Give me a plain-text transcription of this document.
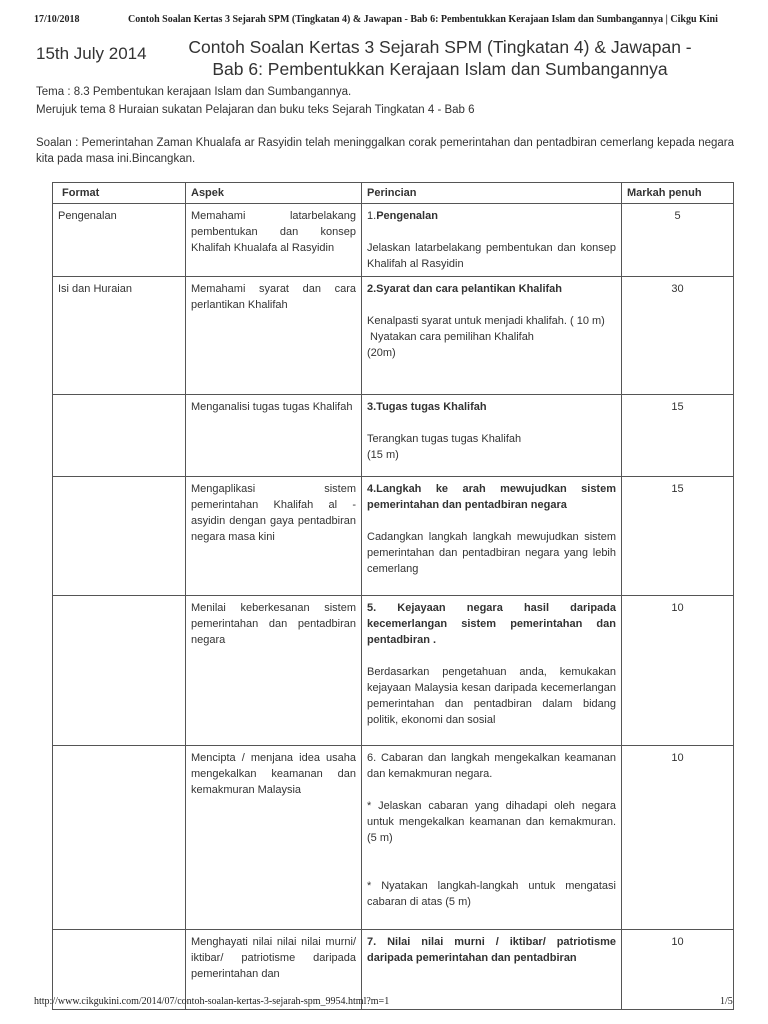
17/10/2018	Contoh Soalan Kertas 3 Sejarah SPM (Tingkatan 4) & Jawapan - Bab 6: Pembentukkan Kerajaan Islam dan Sumbangannya | Cikgu Kini
15th July 2014	Contoh Soalan Kertas 3 Sejarah SPM (Tingkatan 4) & Jawapan -
Bab 6: Pembentukkan Kerajaan Islam dan Sumbangannya
Tema : 8.3 Pembentukan kerajaan Islam dan Sumbangannya.
Merujuk tema 8 Huraian sukatan Pelajaran dan buku teks Sejarah Tingkatan 4 - Bab 6
Soalan : Pemerintahan Zaman Khualafa ar Rasyidin telah meninggalkan corak pemerintahan dan pentadbiran cemerlang kepada negara kita pada masa ini.Bincangkan.
Format	Aspek	Perincian	Markah penuh
Pengenalan	Memahami latarbelakang pembentukan dan konsep Khalifah Khualafa al Rasyidin	1.Pengenalan
Jelaskan latarbelakang pembentukan dan konsep Khalifah al Rasyidin	5
Isi dan Huraian	Memahami syarat dan cara perlantikan Khalifah	2.Syarat dan cara pelantikan Khalifah
Kenalpasti syarat untuk menjadi khalifah. ( 10 m)
Nyatakan cara pemilihan Khalifah
(20m)	30
	Menganalisi tugas tugas Khalifah	3.Tugas tugas Khalifah
Terangkan tugas tugas Khalifah
(15 m)	15
	Mengaplikasi sistem pemerintahan Khalifah al - asyidin dengan gaya pentadbiran negara masa kini	4.Langkah ke arah mewujudkan sistem pemerintahan dan pentadbiran negara
Cadangkan langkah langkah mewujudkan sistem pemerintahan dan pentadbiran negara yang lebih cemerlang	15
	Menilai keberkesanan sistem pemerintahan dan pentadbiran negara	5. Kejayaan negara hasil daripada kecemerlangan sistem pemerintahan dan pentadbiran .
Berdasarkan pengetahuan anda, kemukakan kejayaan Malaysia kesan daripada kecemerlangan pemerintahan dan pentadbiran dalam bidang politik, ekonomi dan sosial	10
	Mencipta / menjana idea usaha mengekalkan keamanan dan kemakmuran Malaysia	6. Cabaran dan langkah mengekalkan keamanan dan kemakmuran negara.
* Jelaskan cabaran yang dihadapi oleh negara untuk mengekalkan keamanan dan kemakmuran. (5 m)
* Nyatakan langkah-langkah untuk mengatasi cabaran di atas (5 m)	10
	Menghayati nilai nilai nilai murni/ iktibar/ patriotisme daripada pemerintahan dan	7. Nilai nilai murni / iktibar/ patriotisme daripada pemerintahan dan pentadbiran	10
http://www.cikgukini.com/2014/07/contoh-soalan-kertas-3-sejarah-spm_9954.html?m=1	1/5
